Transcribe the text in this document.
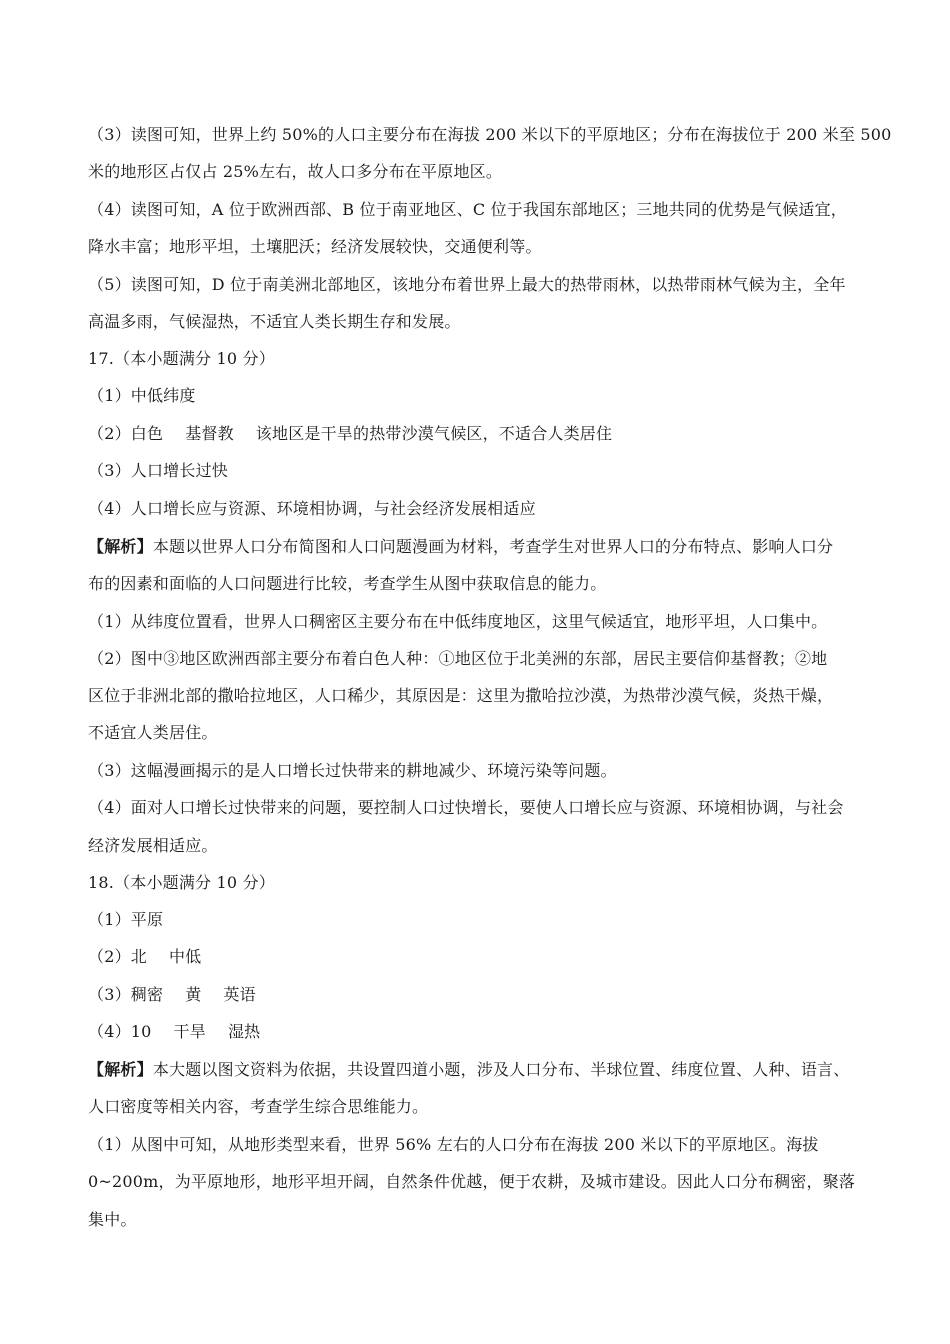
（3）读图可知，世界上约 50%的人口主要分布在海拔 200 米以下的平原地区；分布在海拔位于 200 米至 500
米的地形区占仅占 25%左右，故人口多分布在平原地区。
（4）读图可知，A 位于欧洲西部、B 位于南亚地区、C 位于我国东部地区；三地共同的优势是气候适宜，
降水丰富；地形平坦，土壤肥沃；经济发展较快，交通便利等。
（5）读图可知，D 位于南美洲北部地区，该地分布着世界上最大的热带雨林，以热带雨林气候为主，全年
高温多雨，气候湿热，不适宜人类长期生存和发展。
17.（本小题满分 10 分）
（1）中低纬度
（2）白色 基督教 该地区是干旱的热带沙漠气候区，不适合人类居住
（3）人口增长过快
（4）人口增长应与资源、环境相协调，与社会经济发展相适应
【解析】本题以世界人口分布简图和人口问题漫画为材料，考查学生对世界人口的分布特点、影响人口分
布的因素和面临的人口问题进行比较，考查学生从图中获取信息的能力。
（1）从纬度位置看，世界人口稠密区主要分布在中低纬度地区，这里气候适宜，地形平坦，人口集中。
（2）图中③地区欧洲西部主要分布着白色人种：①地区位于北美洲的东部，居民主要信仰基督教；②地
区位于非洲北部的撒哈拉地区，人口稀少，其原因是：这里为撒哈拉沙漠，为热带沙漠气候，炎热干燥，
不适宜人类居住。
（3）这幅漫画揭示的是人口增长过快带来的耕地减少、环境污染等问题。
（4）面对人口增长过快带来的问题，要控制人口过快增长，要使人口增长应与资源、环境相协调，与社会
经济发展相适应。
18.（本小题满分 10 分）
（1）平原
（2）北 中低
（3）稠密 黄 英语
（4）10 干旱 湿热
【解析】本大题以图文资料为依据，共设置四道小题，涉及人口分布、半球位置、纬度位置、人种、语言、
人口密度等相关内容，考查学生综合思维能力。
（1）从图中可知，从地形类型来看，世界 56% 左右的人口分布在海拔 200 米以下的平原地区。海拔
0~200m，为平原地形，地形平坦开阔，自然条件优越，便于农耕，及城市建设。因此人口分布稠密，聚落
集中。
